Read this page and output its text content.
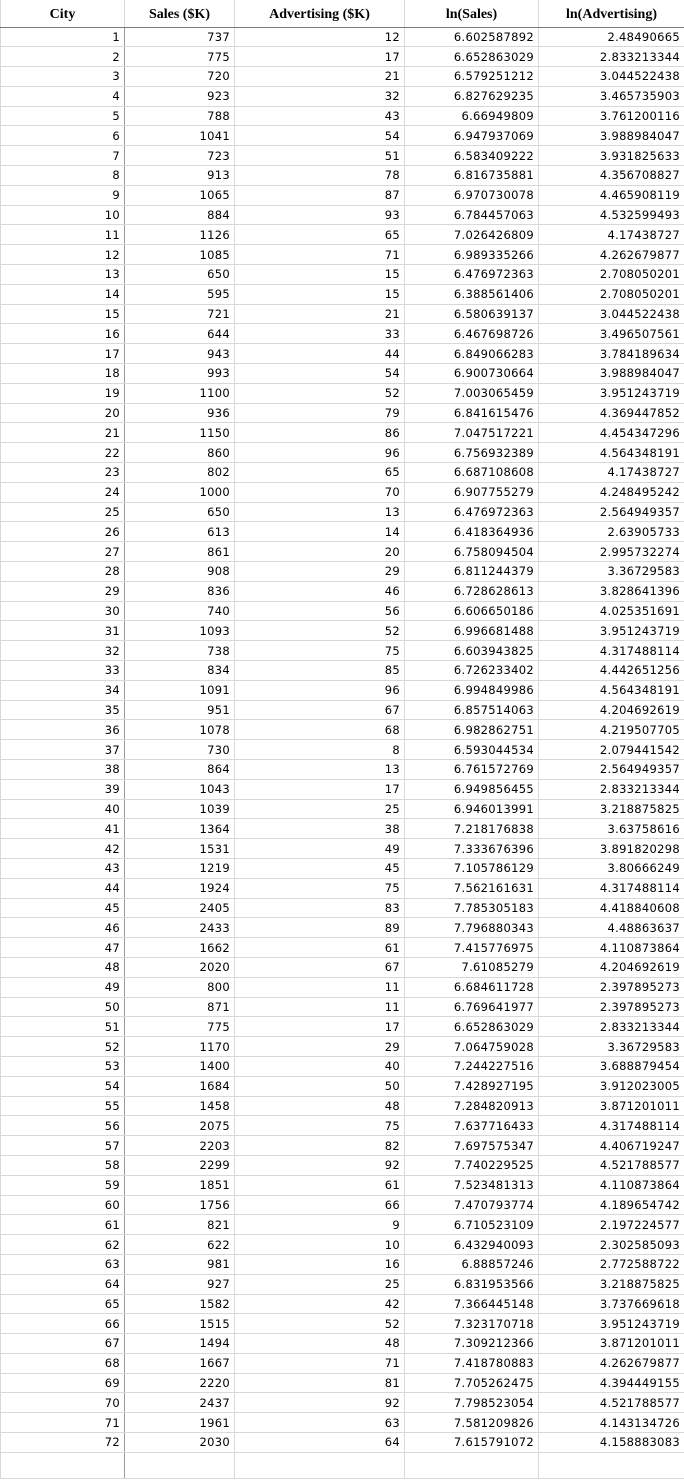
City	Sales ($K)	Advertising ($K)	ln(Sales)	ln(Advertising)
1	737	12	6.602587892	2.48490665
2	775	17	6.652863029	2.833213344
3	720	21	6.579251212	3.044522438
4	923	32	6.827629235	3.465735903
5	788	43	6.66949809	3.761200116
6	1041	54	6.947937069	3.988984047
7	723	51	6.583409222	3.931825633
8	913	78	6.816735881	4.356708827
9	1065	87	6.970730078	4.465908119
10	884	93	6.784457063	4.532599493
11	1126	65	7.026426809	4.17438727
12	1085	71	6.989335266	4.262679877
13	650	15	6.476972363	2.708050201
14	595	15	6.388561406	2.708050201
15	721	21	6.580639137	3.044522438
16	644	33	6.467698726	3.496507561
17	943	44	6.849066283	3.784189634
18	993	54	6.900730664	3.988984047
19	1100	52	7.003065459	3.951243719
20	936	79	6.841615476	4.369447852
21	1150	86	7.047517221	4.454347296
22	860	96	6.756932389	4.564348191
23	802	65	6.687108608	4.17438727
24	1000	70	6.907755279	4.248495242
25	650	13	6.476972363	2.564949357
26	613	14	6.418364936	2.63905733
27	861	20	6.758094504	2.995732274
28	908	29	6.811244379	3.36729583
29	836	46	6.728628613	3.828641396
30	740	56	6.606650186	4.025351691
31	1093	52	6.996681488	3.951243719
32	738	75	6.603943825	4.317488114
33	834	85	6.726233402	4.442651256
34	1091	96	6.994849986	4.564348191
35	951	67	6.857514063	4.204692619
36	1078	68	6.982862751	4.219507705
37	730	8	6.593044534	2.079441542
38	864	13	6.761572769	2.564949357
39	1043	17	6.949856455	2.833213344
40	1039	25	6.946013991	3.218875825
41	1364	38	7.218176838	3.63758616
42	1531	49	7.333676396	3.891820298
43	1219	45	7.105786129	3.80666249
44	1924	75	7.562161631	4.317488114
45	2405	83	7.785305183	4.418840608
46	2433	89	7.796880343	4.48863637
47	1662	61	7.415776975	4.110873864
48	2020	67	7.61085279	4.204692619
49	800	11	6.684611728	2.397895273
50	871	11	6.769641977	2.397895273
51	775	17	6.652863029	2.833213344
52	1170	29	7.064759028	3.36729583
53	1400	40	7.244227516	3.688879454
54	1684	50	7.428927195	3.912023005
55	1458	48	7.284820913	3.871201011
56	2075	75	7.637716433	4.317488114
57	2203	82	7.697575347	4.406719247
58	2299	92	7.740229525	4.521788577
59	1851	61	7.523481313	4.110873864
60	1756	66	7.470793774	4.189654742
61	821	9	6.710523109	2.197224577
62	622	10	6.432940093	2.302585093
63	981	16	6.88857246	2.772588722
64	927	25	6.831953566	3.218875825
65	1582	42	7.366445148	3.737669618
66	1515	52	7.323170718	3.951243719
67	1494	48	7.309212366	3.871201011
68	1667	71	7.418780883	4.262679877
69	2220	81	7.705262475	4.394449155
70	2437	92	7.798523054	4.521788577
71	1961	63	7.581209826	4.143134726
72	2030	64	7.615791072	4.158883083
